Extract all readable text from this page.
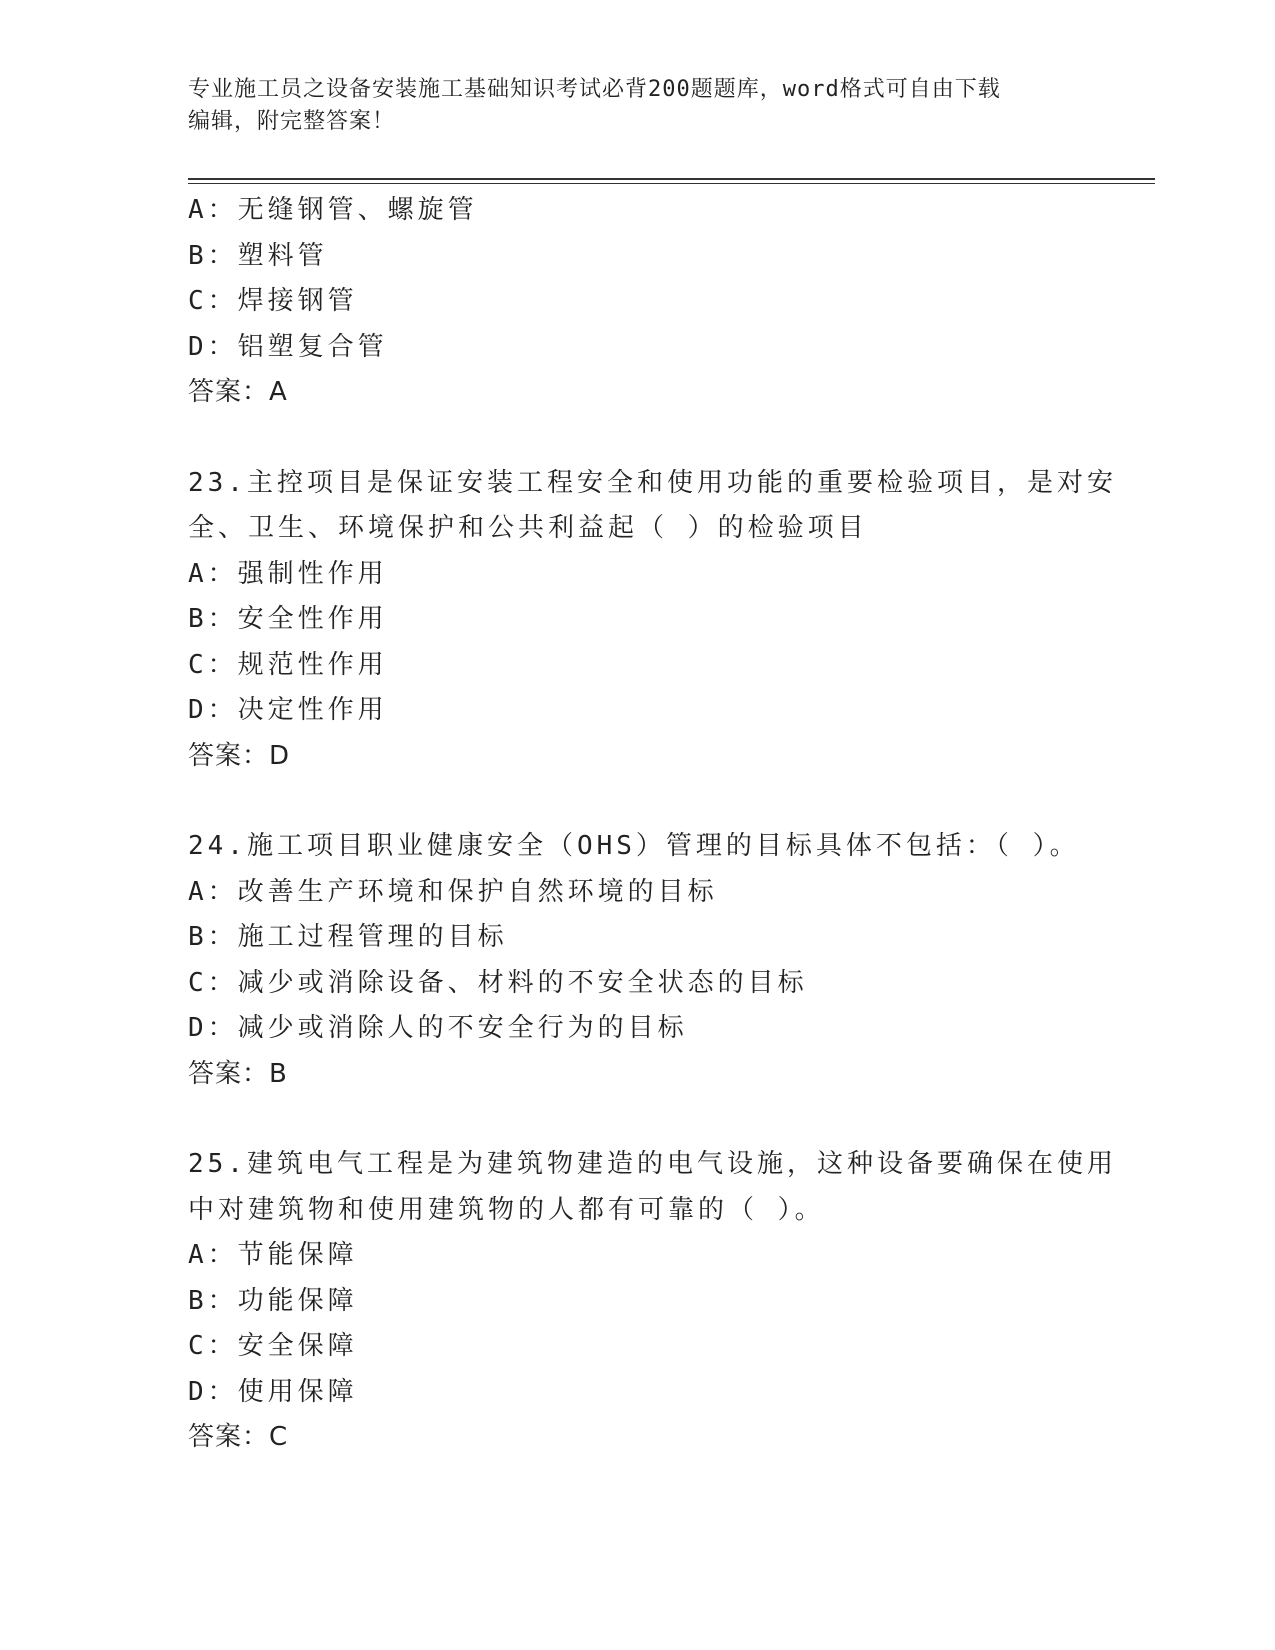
专业施工员之设备安装施工基础知识考试必背200题题库，word格式可自由下载
编辑，附完整答案！
A：无缝钢管、螺旋管
B：塑料管
C：焊接钢管
D：铝塑复合管
答案：A
23.主控项目是保证安装工程安全和使用功能的重要检验项目，是对安
全、卫生、环境保护和公共利益起（ ）的检验项目
A：强制性作用
B：安全性作用
C：规范性作用
D：决定性作用
答案：D
24.施工项目职业健康安全（OHS）管理的目标具体不包括：（ ）。
A：改善生产环境和保护自然环境的目标
B：施工过程管理的目标
C：减少或消除设备、材料的不安全状态的目标
D：减少或消除人的不安全行为的目标
答案：B
25.建筑电气工程是为建筑物建造的电气设施，这种设备要确保在使用
中对建筑物和使用建筑物的人都有可靠的（ ）。
A：节能保障
B：功能保障
C：安全保障
D：使用保障
答案：C
